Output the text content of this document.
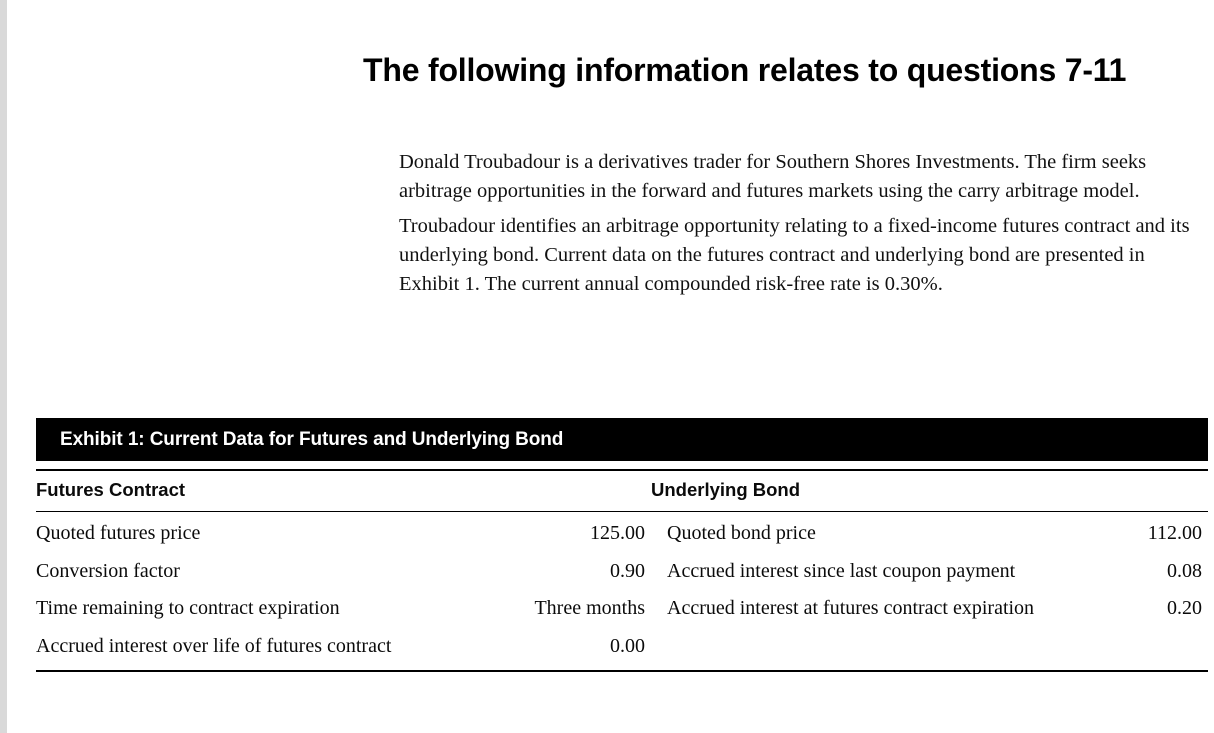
The following information relates to questions 7-11

Donald Troubadour is a derivatives trader for Southern Shores Investments. The firm seeks arbitrage opportunities in the forward and futures markets using the carry arbitrage model.

Troubadour identifies an arbitrage opportunity relating to a fixed-income futures contract and its underlying bond. Current data on the futures contract and underlying bond are presented in Exhibit 1. The current annual compounded risk-free rate is 0.30%.

Exhibit 1: Current Data for Futures and Underlying Bond
Futures Contract		Underlying Bond	
Quoted futures price	125.00	Quoted bond price	112.00
Conversion factor	0.90	Accrued interest since last coupon payment	0.08
Time remaining to contract expiration	Three months	Accrued interest at futures contract expiration	0.20
Accrued interest over life of futures contract	0.00		
